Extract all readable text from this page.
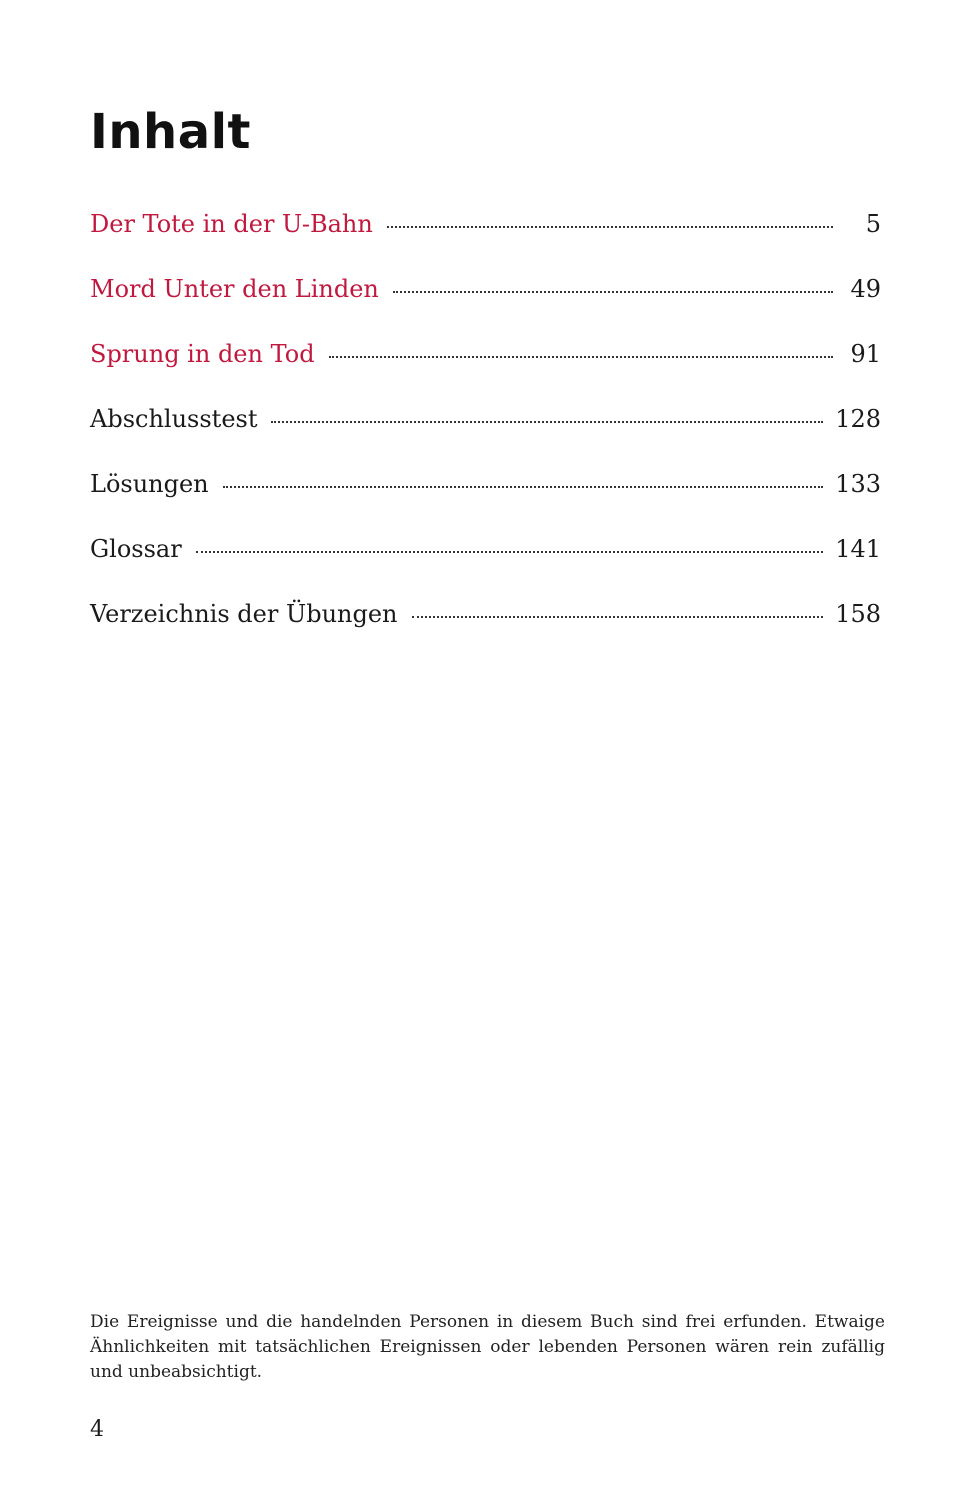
Inhalt
Der Tote in der U-Bahn	5
Mord Unter den Linden	49
Sprung in den Tod	91
Abschlusstest	128
Lösungen	133
Glossar	141
Verzeichnis der Übungen	158

Die Ereignisse und die handelnden Personen in diesem Buch sind frei erfunden. Etwaige Ähnlichkeiten mit tatsächlichen Ereignissen oder lebenden Personen wären rein zufällig und unbeabsichtigt.

4
